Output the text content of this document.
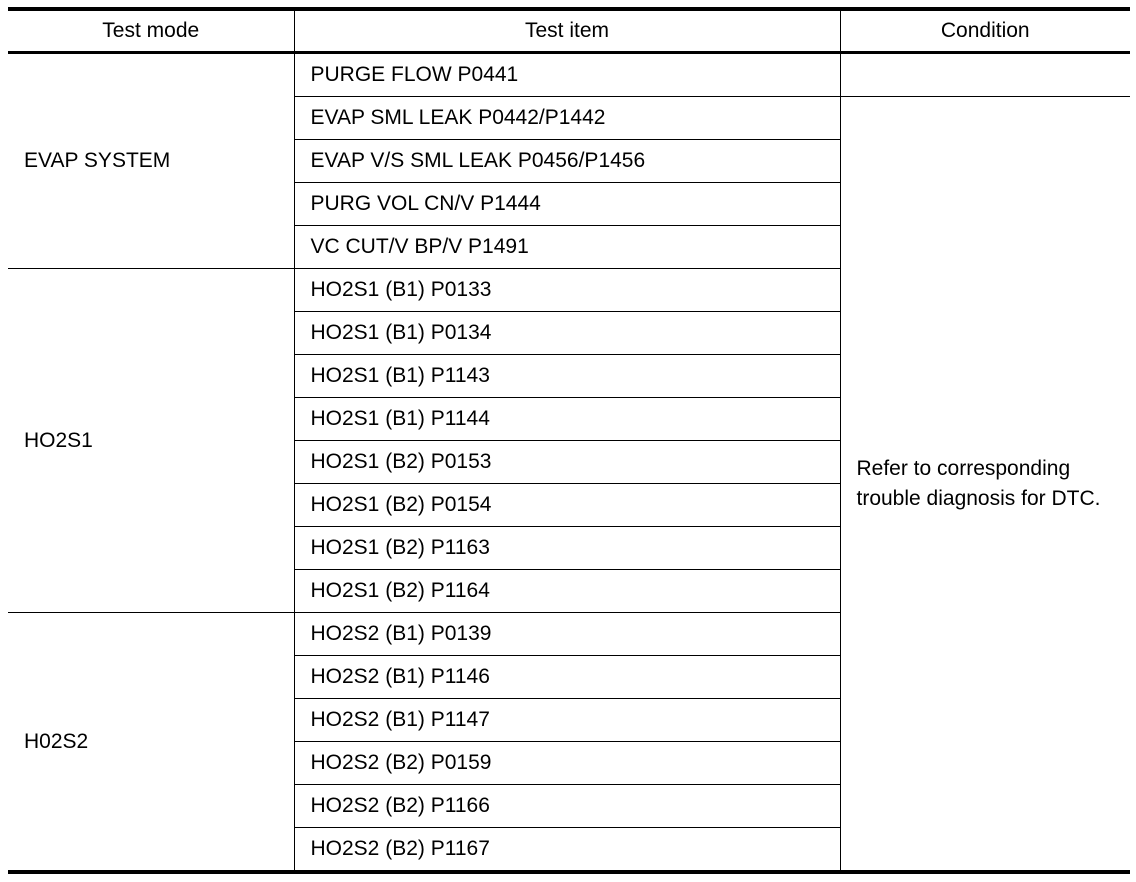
Test mode	Test item	Condition
EVAP SYSTEM	PURGE FLOW P0441	
	EVAP SML LEAK P0442/P1442	Refer to corresponding trouble diagnosis for DTC.
	EVAP V/S SML LEAK P0456/P1456	
	PURG VOL CN/V P1444	
	VC CUT/V BP/V P1491	
HO2S1	HO2S1 (B1) P0133	
	HO2S1 (B1) P0134	
	HO2S1 (B1) P1143	
	HO2S1 (B1) P1144	
	HO2S1 (B2) P0153	
	HO2S1 (B2) P0154	
	HO2S1 (B2) P1163	
	HO2S1 (B2) P1164	
H02S2	HO2S2 (B1) P0139	
	HO2S2 (B1) P1146	
	HO2S2 (B1) P1147	
	HO2S2 (B2) P0159	
	HO2S2 (B2) P1166	
	HO2S2 (B2) P1167	
